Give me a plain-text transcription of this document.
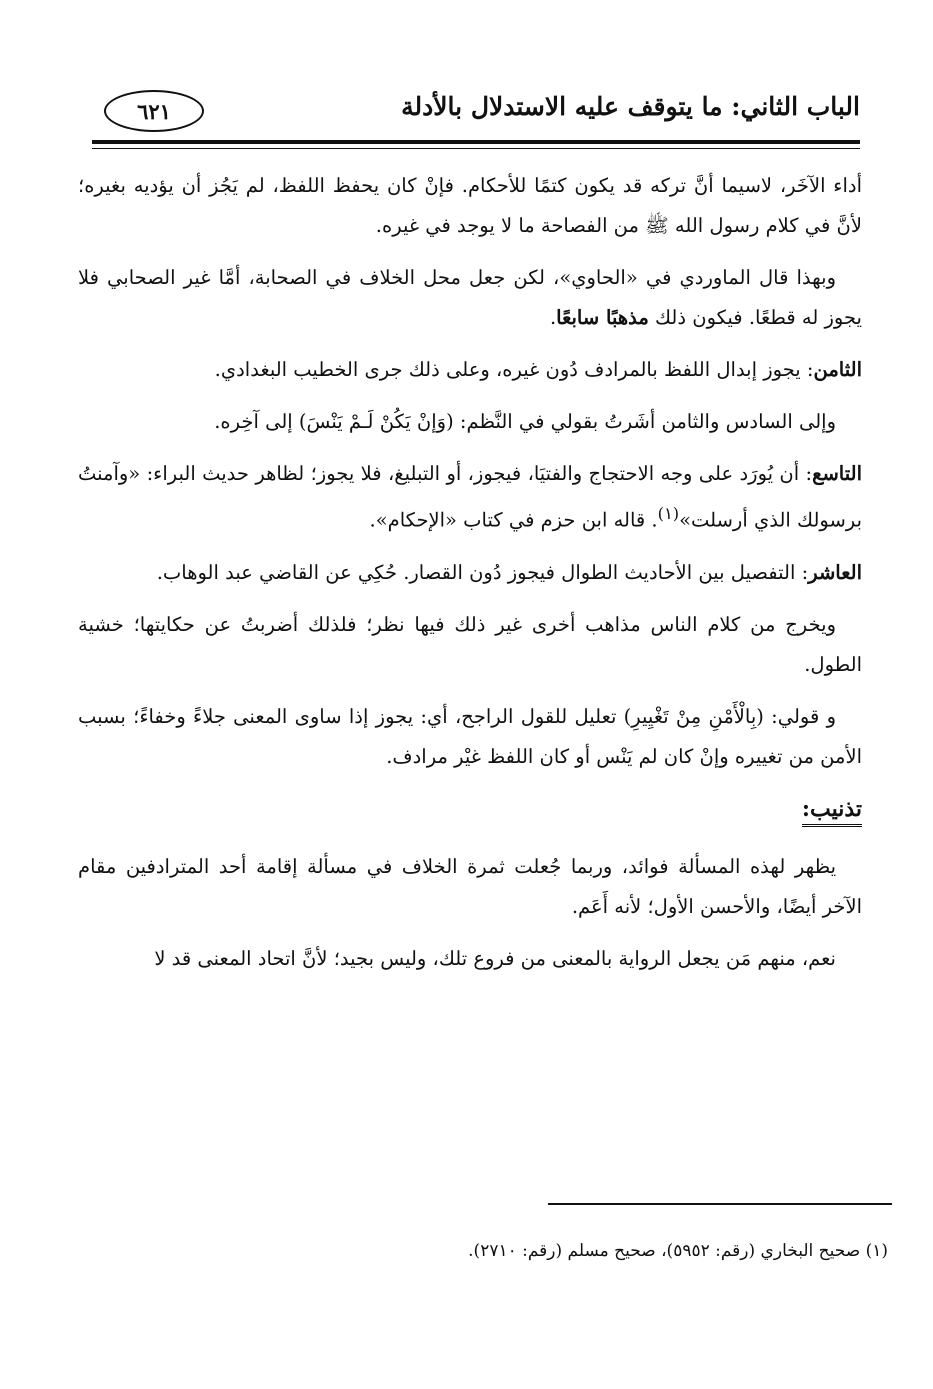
الباب الثاني: ما يتوقف عليه الاستدلال بالأدلة
٦٢١

أداء الآخَر، لاسيما أنَّ تركه قد يكون كتمًا للأحكام. فإنْ كان يحفظ اللفظ، لم يَجُز أن يؤديه بغيره؛ لأنَّ في كلام رسول الله ﷺ من الفصاحة ما لا يوجد في غيره.

وبهذا قال الماوردي في «الحاوي»، لكن جعل محل الخلاف في الصحابة، أمَّا غير الصحابي فلا يجوز له قطعًا. فيكون ذلك مذهبًا سابعًا.

الثامن: يجوز إبدال اللفظ بالمرادف دُون غيره، وعلى ذلك جرى الخطيب البغدادي.

وإلى السادس والثامن أشَرتُ بقولي في النَّظم: (وَإنْ يَكُنْ لَـمْ يَنْسَ) إلى آخِره.

التاسع: أن يُورَد على وجه الاحتجاج والفتيَا، فيجوز، أو التبليغ، فلا يجوز؛ لظاهر حديث البراء: «وآمنتُ برسولك الذي أرسلت»$^{(١)}$. قاله ابن حزم في كتاب «الإحكام».

العاشر: التفصيل بين الأحاديث الطوال فيجوز دُون القصار. حُكِي عن القاضي عبد الوهاب.

ويخرج من كلام الناس مذاهب أخرى غير ذلك فيها نظر؛ فلذلك أضربتُ عن حكايتها؛ خشية الطول.

و قولي: (بِالْأَمْنِ مِنْ تَغْيِيرِ) تعليل للقول الراجح، أي: يجوز إذا ساوى المعنى جلاءً وخفاءً؛ بسبب الأمن من تغييره وإنْ كان لم يَنْس أو كان اللفظ غيْر مرادف.

تذنيب:

يظهر لهذه المسألة فوائد، وربما جُعلت ثمرة الخلاف في مسألة إقامة أحد المترادفين مقام الآخر أيضًا، والأحسن الأول؛ لأنه أَعَم.

نعم، منهم مَن يجعل الرواية بالمعنى من فروع تلك، وليس بجيد؛ لأنَّ اتحاد المعنى قد لا

(١) صحيح البخاري (رقم: ٥٩٥٢)، صحيح مسلم (رقم: ٢٧١٠).
